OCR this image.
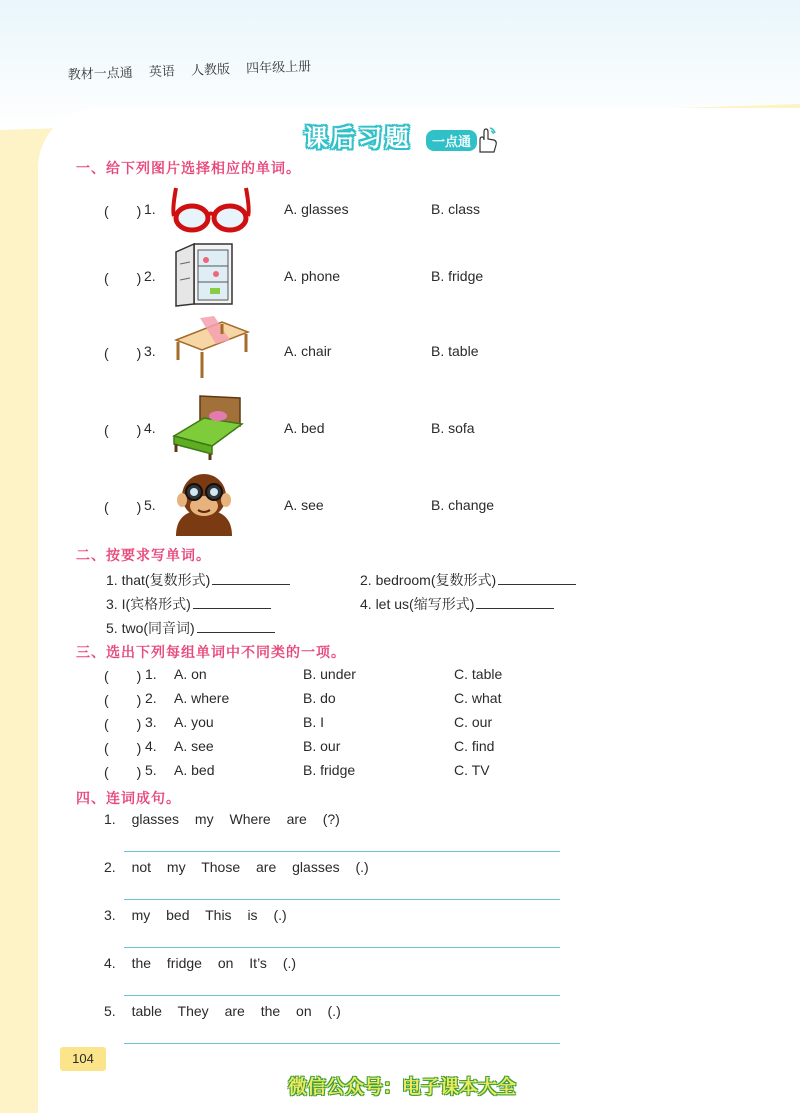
教材一点通 英语 人教版 四年级上册
课后习题	一点通
一、给下列图片选择相应的单词。
(　　) 1.	A. glasses	B. class
(　　) 2.	A. phone	B. fridge
(　　) 3.	A. chair	B. table
(　　) 4.	A. bed	B. sofa
(　　) 5.	A. see	B. change
二、按要求写单词。
1. that(复数形式)	2. bedroom(复数形式)
3. I(宾格形式)	4. let us(缩写形式)
5. two(同音词)
三、选出下列每组单词中不同类的一项。
(　　) 1. A. on	B. under	C. table
(　　) 2. A. where	B. do	C. what
(　　) 3. A. you	B. I	C. our
(　　) 4. A. see	B. our	C. find
(　　) 5. A. bed	B. fridge	C. TV
四、连词成句。
1. glasses my Where are (?)
2. not my Those are glasses (.)
3. my bed This is (.)
4. the fridge on It’s (.)
5. table They are the on (.)
104
微信公众号：电子课本大全
